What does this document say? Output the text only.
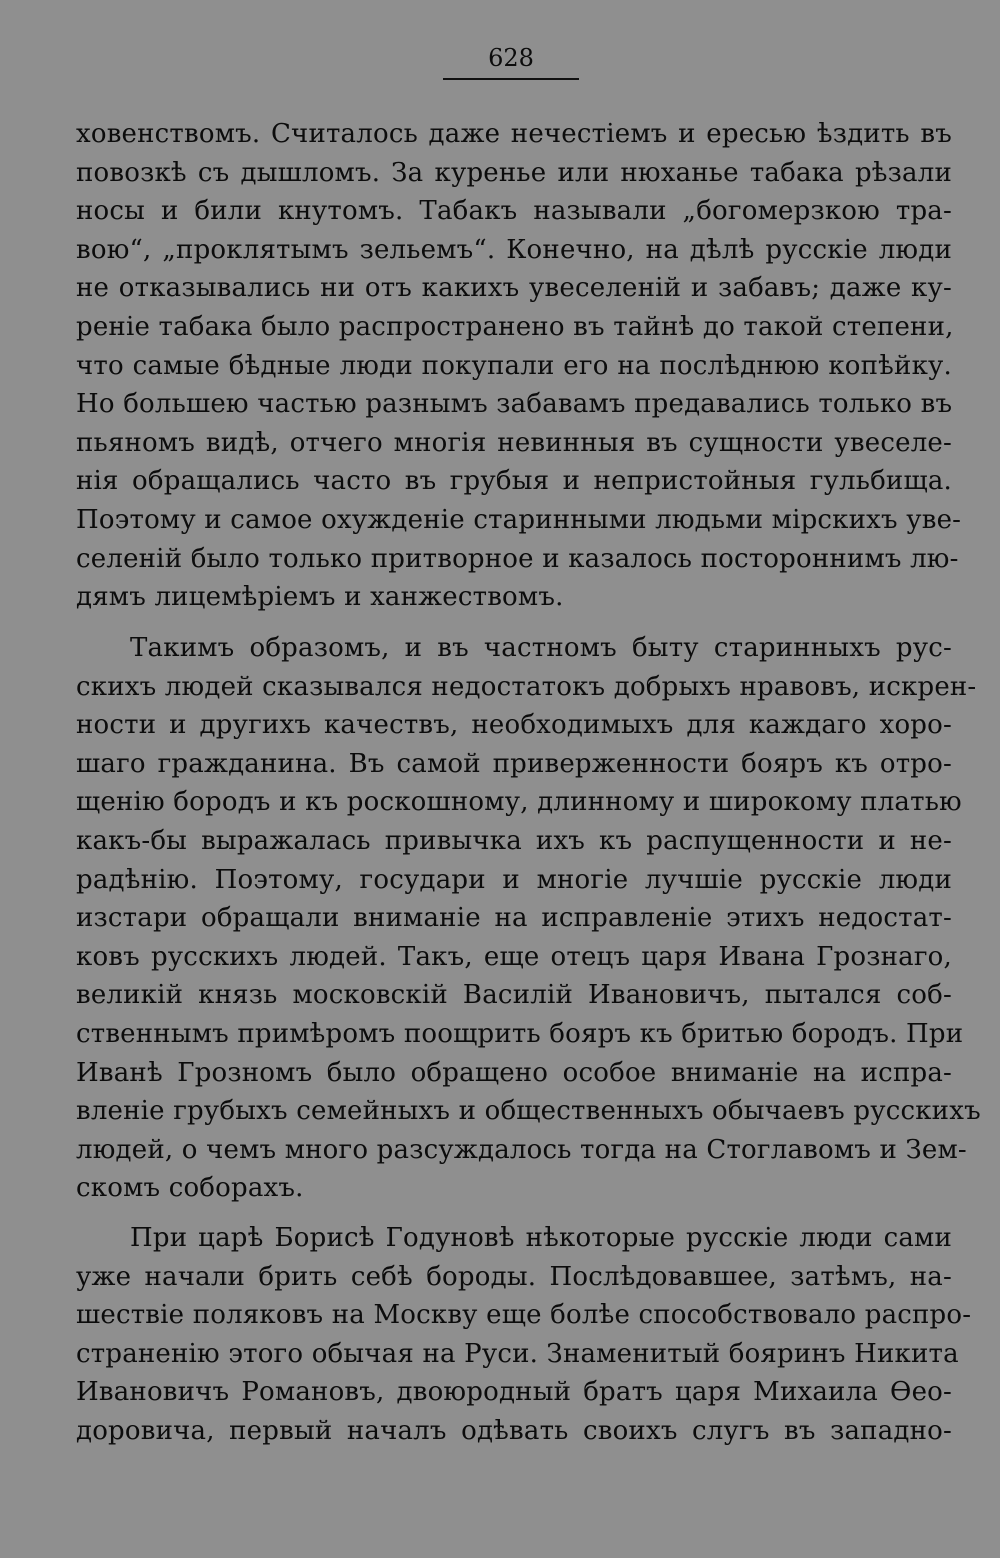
628
ховенствомъ. Считалось даже нечестіемъ и ересью ѣздить въ
повозкѣ съ дышломъ. За куренье или нюханье табака рѣзали
носы и били кнутомъ. Табакъ называли „богомерзкою тра-
вою“, „проклятымъ зельемъ“. Конечно, на дѣлѣ русскіе люди
не отказывались ни отъ какихъ увеселеній и забавъ; даже ку-
реніе табака было распространено въ тайнѣ до такой степени,
что самые бѣдные люди покупали его на послѣднюю копѣйку.
Но большею частью разнымъ забавамъ предавались только въ
пьяномъ видѣ, отчего многія невинныя въ сущности увеселе-
нія обращались часто въ грубыя и непристойныя гульбища.
Поэтому и самое охужденіе старинными людьми мірскихъ уве-
селеній было только притворное и казалось постороннимъ лю-
дямъ лицемѣріемъ и ханжествомъ.
Такимъ образомъ, и въ частномъ быту старинныхъ рус-
скихъ людей сказывался недостатокъ добрыхъ нравовъ, искрен-
ности и другихъ качествъ, необходимыхъ для каждаго хоро-
шаго гражданина. Въ самой приверженности бояръ къ отро-
щенію бородъ и къ роскошному, длинному и широкому платью
какъ-бы выражалась привычка ихъ къ распущенности и не-
радѣнію. Поэтому, государи и многіе лучшіе русскіе люди
изстари обращали вниманіе на исправленіе этихъ недостат-
ковъ русскихъ людей. Такъ, еще отецъ царя Ивана Грознаго,
великій князь московскій Василій Ивановичъ, пытался соб-
ственнымъ примѣромъ поощрить бояръ къ бритью бородъ. При
Иванѣ Грозномъ было обращено особое вниманіе на испра-
вленіе грубыхъ семейныхъ и общественныхъ обычаевъ русскихъ
людей, о чемъ много разсуждалось тогда на Стоглавомъ и Зем-
скомъ соборахъ.
При царѣ Борисѣ Годуновѣ нѣкоторые русскіе люди сами
уже начали брить себѣ бороды. Послѣдовавшее, затѣмъ, на-
шествіе поляковъ на Москву еще болѣе способствовало распро-
страненію этого обычая на Руси. Знаменитый бояринъ Никита
Ивановичъ Романовъ, двоюродный братъ царя Михаила Ѳео-
доровича, первый началъ одѣвать своихъ слугъ въ западно-
